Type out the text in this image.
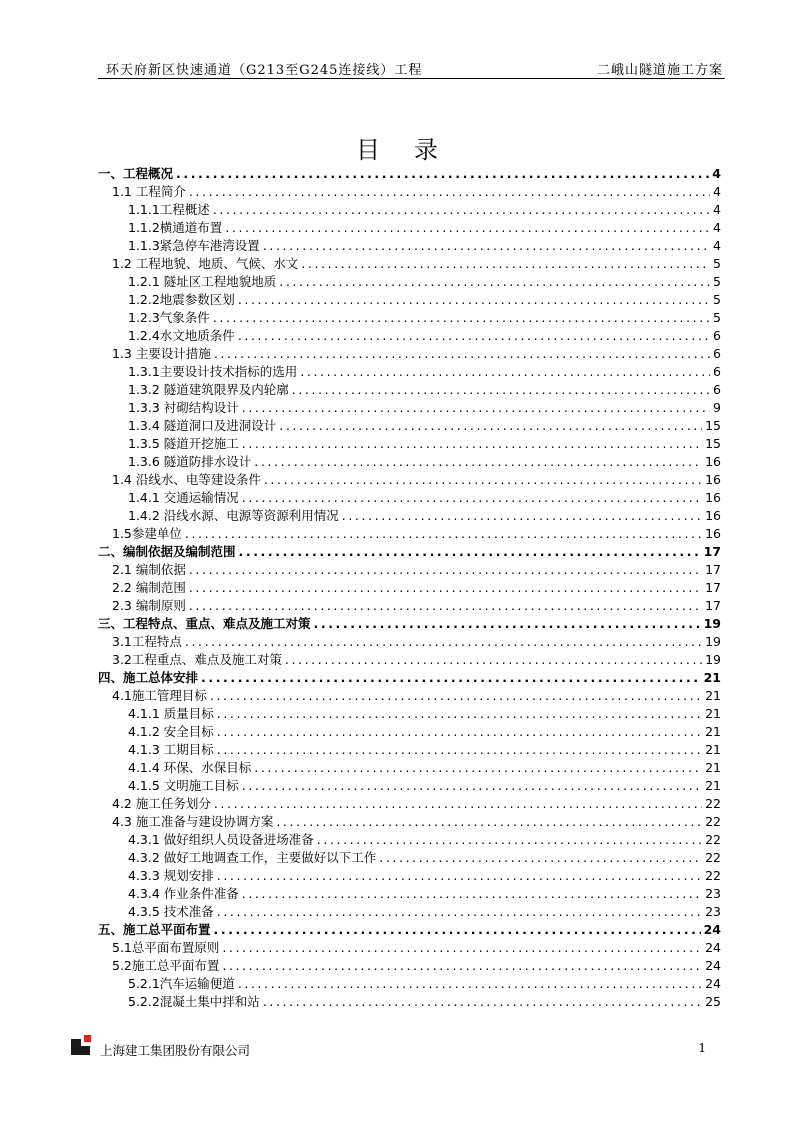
环天府新区快速通道（G213至G245连接线）工程	二峨山隧道施工方案
目录
一、工程概况 .....	4
1.1 工程简介 .....	4
1.1.1工程概述 .....	4
1.1.2横通道布置 .....	4
1.1.3紧急停车港湾设置 .....	4
1.2 工程地貌、地质、气候、水文 .....	5
1.2.1 隧址区工程地貌地质 .....	5
1.2.2地震参数区划 .....	5
1.2.3气象条件 .....	5
1.2.4水文地质条件 .....	6
1.3 主要设计措施 .....	6
1.3.1主要设计技术指标的选用 .....	6
1.3.2 隧道建筑限界及内轮廓 .....	6
1.3.3 衬砌结构设计 .....	9
1.3.4 隧道洞口及进洞设计 .....	15
1.3.5 隧道开挖施工 .....	15
1.3.6 隧道防排水设计 .....	16
1.4 沿线水、电等建设条件 .....	16
1.4.1 交通运输情况 .....	16
1.4.2 沿线水源、电源等资源利用情况 .....	16
1.5参建单位 .....	16
二、编制依据及编制范围 .....	17
2.1 编制依据 .....	17
2.2 编制范围 .....	17
2.3 编制原则 .....	17
三、工程特点、重点、难点及施工对策 .....	19
3.1工程特点 .....	19
3.2工程重点、难点及施工对策 .....	19
四、施工总体安排 .....	21
4.1施工管理目标 .....	21
4.1.1 质量目标 .....	21
4.1.2 安全目标 .....	21
4.1.3 工期目标 .....	21
4.1.4 环保、水保目标 .....	21
4.1.5 文明施工目标 .....	21
4.2 施工任务划分 .....	22
4.3 施工准备与建设协调方案 .....	22
4.3.1 做好组织人员设备进场准备 .....	22
4.3.2 做好工地调查工作，主要做好以下工作 .....	22
4.3.3 规划安排 .....	22
4.3.4 作业条件准备 .....	23
4.3.5 技术准备 .....	23
五、施工总平面布置 .....	24
5.1总平面布置原则 .....	24
5.2施工总平面布置 .....	24
5.2.1汽车运输便道 .....	24
5.2.2混凝土集中拌和站 .....	25
上海建工集团股份有限公司	1
